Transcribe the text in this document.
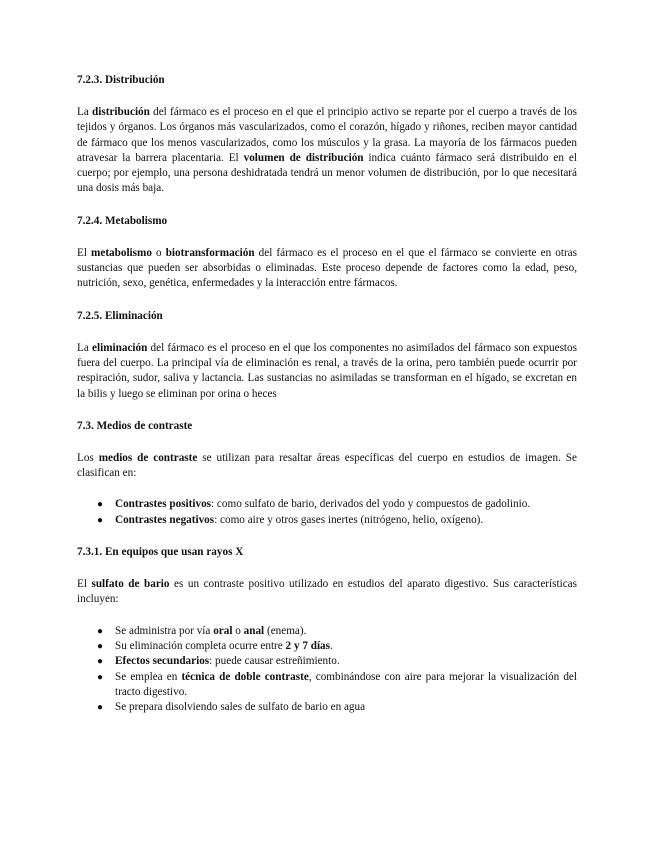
7.2.3. Distribución

La distribución del fármaco es el proceso en el que el principio activo se reparte por el cuerpo a través de los tejidos y órganos. Los órganos más vascularizados, como el corazón, hígado y riñones, reciben mayor cantidad de fármaco que los menos vascularizados, como los músculos y la grasa. La mayoría de los fármacos pueden atravesar la barrera placentaria. El volumen de distribución indica cuánto fármaco será distribuido en el cuerpo; por ejemplo, una persona deshidratada tendrá un menor volumen de distribución, por lo que necesitará una dosis más baja.

7.2.4. Metabolismo

El metabolismo o biotransformación del fármaco es el proceso en el que el fármaco se convierte en otras sustancias que pueden ser absorbidas o eliminadas. Este proceso depende de factores como la edad, peso, nutrición, sexo, genética, enfermedades y la interacción entre fármacos.

7.2.5. Eliminación

La eliminación del fármaco es el proceso en el que los componentes no asimilados del fármaco son expuestos fuera del cuerpo. La principal vía de eliminación es renal, a través de la orina, pero también puede ocurrir por respiración, sudor, saliva y lactancia. Las sustancias no asimiladas se transforman en el hígado, se excretan en la bilis y luego se eliminan por orina o heces

7.3. Medios de contraste

Los medios de contraste se utilizan para resaltar áreas específicas del cuerpo en estudios de imagen. Se clasifican en:

● Contrastes positivos: como sulfato de bario, derivados del yodo y compuestos de gadolinio.
● Contrastes negativos: como aire y otros gases inertes (nitrógeno, helio, oxígeno).
7.3.1. En equipos que usan rayos X

El sulfato de bario es un contraste positivo utilizado en estudios del aparato digestivo. Sus características incluyen:

● Se administra por vía oral o anal (enema).
● Su eliminación completa ocurre entre 2 y 7 días.
● Efectos secundarios: puede causar estreñimiento.
● Se emplea en técnica de doble contraste, combinándose con aire para mejorar la visualización del tracto digestivo.
● Se prepara disolviendo sales de sulfato de bario en agua
